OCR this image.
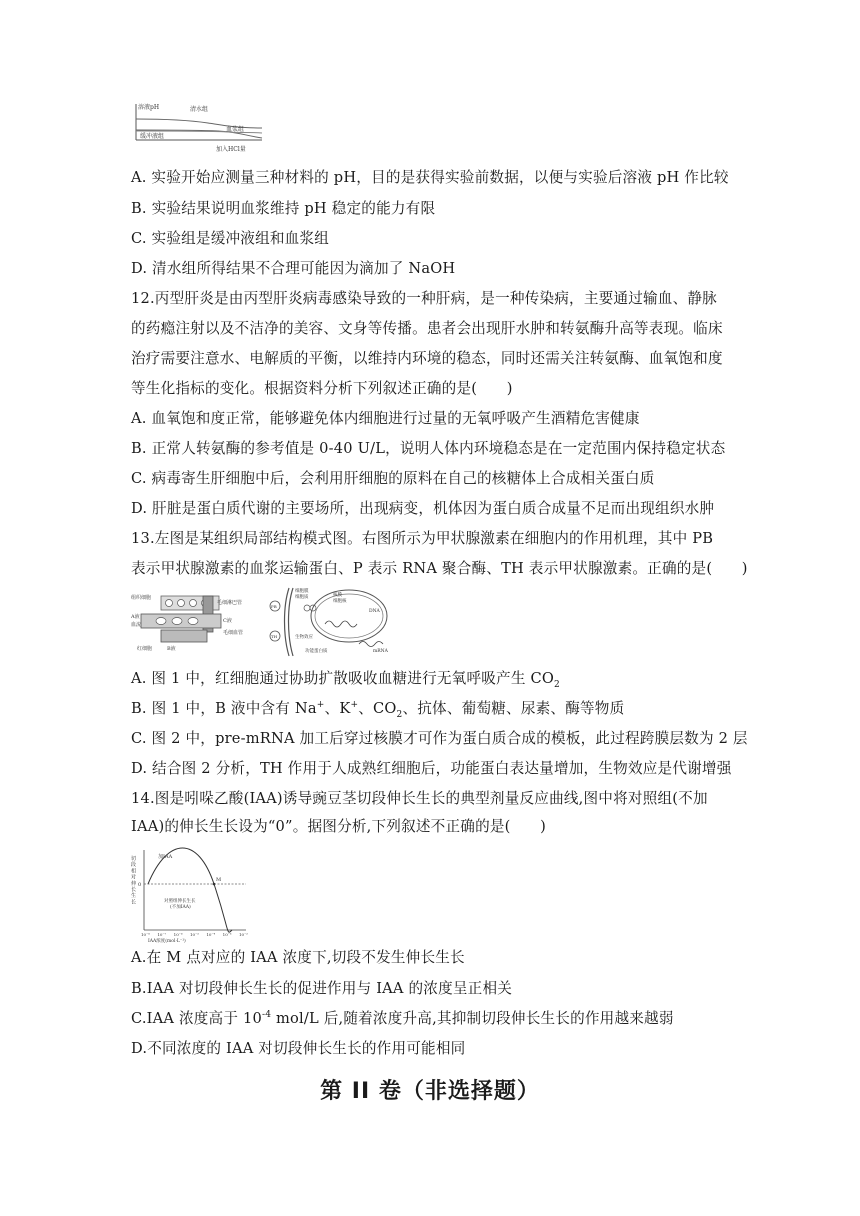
溶液pH	清水组
缓冲液组
血浆组
加入HCl量
A. 实验开始应测量三种材料的 pH，目的是获得实验前数据，以便与实验后溶液 pH 作比较
B. 实验结果说明血浆维持 pH 稳定的能力有限
C. 实验组是缓冲液组和血浆组
D. 清水组所得结果不合理可能因为滴加了 NaOH
12.丙型肝炎是由丙型肝炎病毒感染导致的一种肝病，是一种传染病，主要通过输血、静脉
的药瘾注射以及不洁净的美容、文身等传播。患者会出现肝水肿和转氨酶升高等表现。临床
治疗需要注意水、电解质的平衡，以维持内环境的稳态，同时还需关注转氨酶、血氧饱和度
等生化指标的变化。根据资料分析下列叙述正确的是(　　)
A. 血氧饱和度正常，能够避免体内细胞进行过量的无氧呼吸产生酒精危害健康
B. 正常人转氨酶的参考值是 0-40 U/L，说明人体内环境稳态是在一定范围内保持稳定状态
C. 病毒寄生肝细胞中后，会利用肝细胞的原料在自己的核糖体上合成相关蛋白质
D. 肝脏是蛋白质代谢的主要场所，出现病变，机体因为蛋白质合成量不足而出现组织水肿
13.左图是某组织局部结构模式图。右图所示为甲状腺激素在细胞内的作用机理，其中 PB
表示甲状腺激素的血浆运输蛋白、P 表示 RNA 聚合酶、TH 表示甲状腺激素。正确的是(　　)
组织细胞
毛细淋巴管
A液
血流
C液
毛细血管
红细胞	B液
PB
TH
细胞膜
细胞质	核膜
细胞核
DNA
生物效应
功能蛋白质	mRNA
A. 图 1 中，红细胞通过协助扩散吸收血糖进行无氧呼吸产生 $CO_2$
B. 图 1 中，B 液中含有 Na+、K+、$CO_2$、抗体、葡萄糖、尿素、酶等物质
C. 图 2 中，pre-mRNA 加工后穿过核膜才可作为蛋白质合成的模板，此过程跨膜层数为 2 层
D. 结合图 2 分析，TH 作用于人成熟红细胞后，功能蛋白表达量增加，生物效应是代谢增强
14.图是吲哚乙酸(IAA)诱导豌豆茎切段伸长生长的典型剂量反应曲线,图中将对照组(不加
IAA)的伸长生长设为“0”。据图分析,下列叙述不正确的是(　　)
M
0
加IAA
对照组伸长生长
(不加IAA)
IAA浓度(mol·L⁻¹)
切
段
相
对
伸
长
生
长
10⁻⁸ 10⁻⁷ 10⁻⁶ 10⁻⁵ 10⁻⁴ 10⁻³ 10⁻²
A.在 M 点对应的 IAA 浓度下,切段不发生伸长生长
B.IAA 对切段伸长生长的促进作用与 IAA 的浓度呈正相关
C.IAA 浓度高于 $10^{-4}$ mol/L 后,随着浓度升高,其抑制切段伸长生长的作用越来越弱
D.不同浓度的 IAA 对切段伸长生长的作用可能相同
第 II 卷（非选择题）
